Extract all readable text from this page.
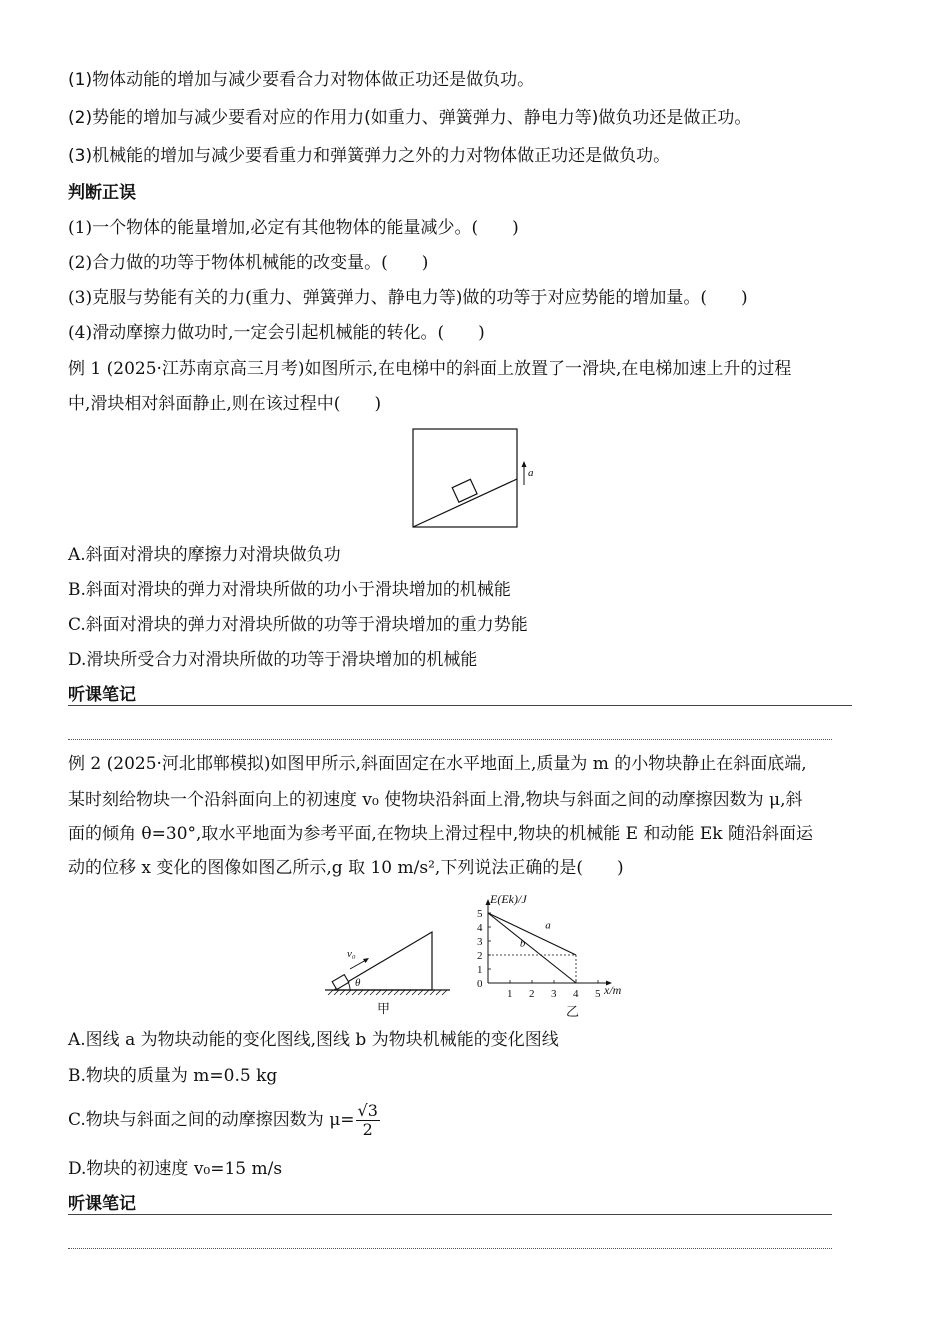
(1)物体动能的增加与减少要看合力对物体做正功还是做负功。
(2)势能的增加与减少要看对应的作用力(如重力、弹簧弹力、静电力等)做负功还是做正功。
(3)机械能的增加与减少要看重力和弹簧弹力之外的力对物体做正功还是做负功。
判断正误
(1)一个物体的能量增加,必定有其他物体的能量减少。(　　)
(2)合力做的功等于物体机械能的改变量。(　　)
(3)克服与势能有关的力(重力、弹簧弹力、静电力等)做的功等于对应势能的增加量。(　　)
(4)滑动摩擦力做功时,一定会引起机械能的转化。(　　)
例 1 (2025·江苏南京高三月考)如图所示,在电梯中的斜面上放置了一滑块,在电梯加速上升的过程
中,滑块相对斜面静止,则在该过程中(　　)
a
A.斜面对滑块的摩擦力对滑块做负功
B.斜面对滑块的弹力对滑块所做的功小于滑块增加的机械能
C.斜面对滑块的弹力对滑块所做的功等于滑块增加的重力势能
D.滑块所受合力对滑块所做的功等于滑块增加的机械能
听课笔记
例 2 (2025·河北邯郸模拟)如图甲所示,斜面固定在水平地面上,质量为 m 的小物块静止在斜面底端,
某时刻给物块一个沿斜面向上的初速度 v₀ 使物块沿斜面上滑,物块与斜面之间的动摩擦因数为 μ,斜
面的倾角 θ=30°,取水平地面为参考平面,在物块上滑过程中,物块的机械能 E 和动能 Ek 随沿斜面运
动的位移 x 变化的图像如图乙所示,g 取 10 m/s²,下列说法正确的是(　　)
v₀
θ
甲
5
4
3
2
1
0
1 2 3 4 5
a
b
E(Ek)/J
x/m
乙
A.图线 a 为物块动能的变化图线,图线 b 为物块机械能的变化图线
B.物块的质量为 m=0.5 kg
C.物块与斜面之间的动摩擦因数为 $\mu= \frac{√3}{2}$
D.物块的初速度 v₀=15 m/s
听课笔记
